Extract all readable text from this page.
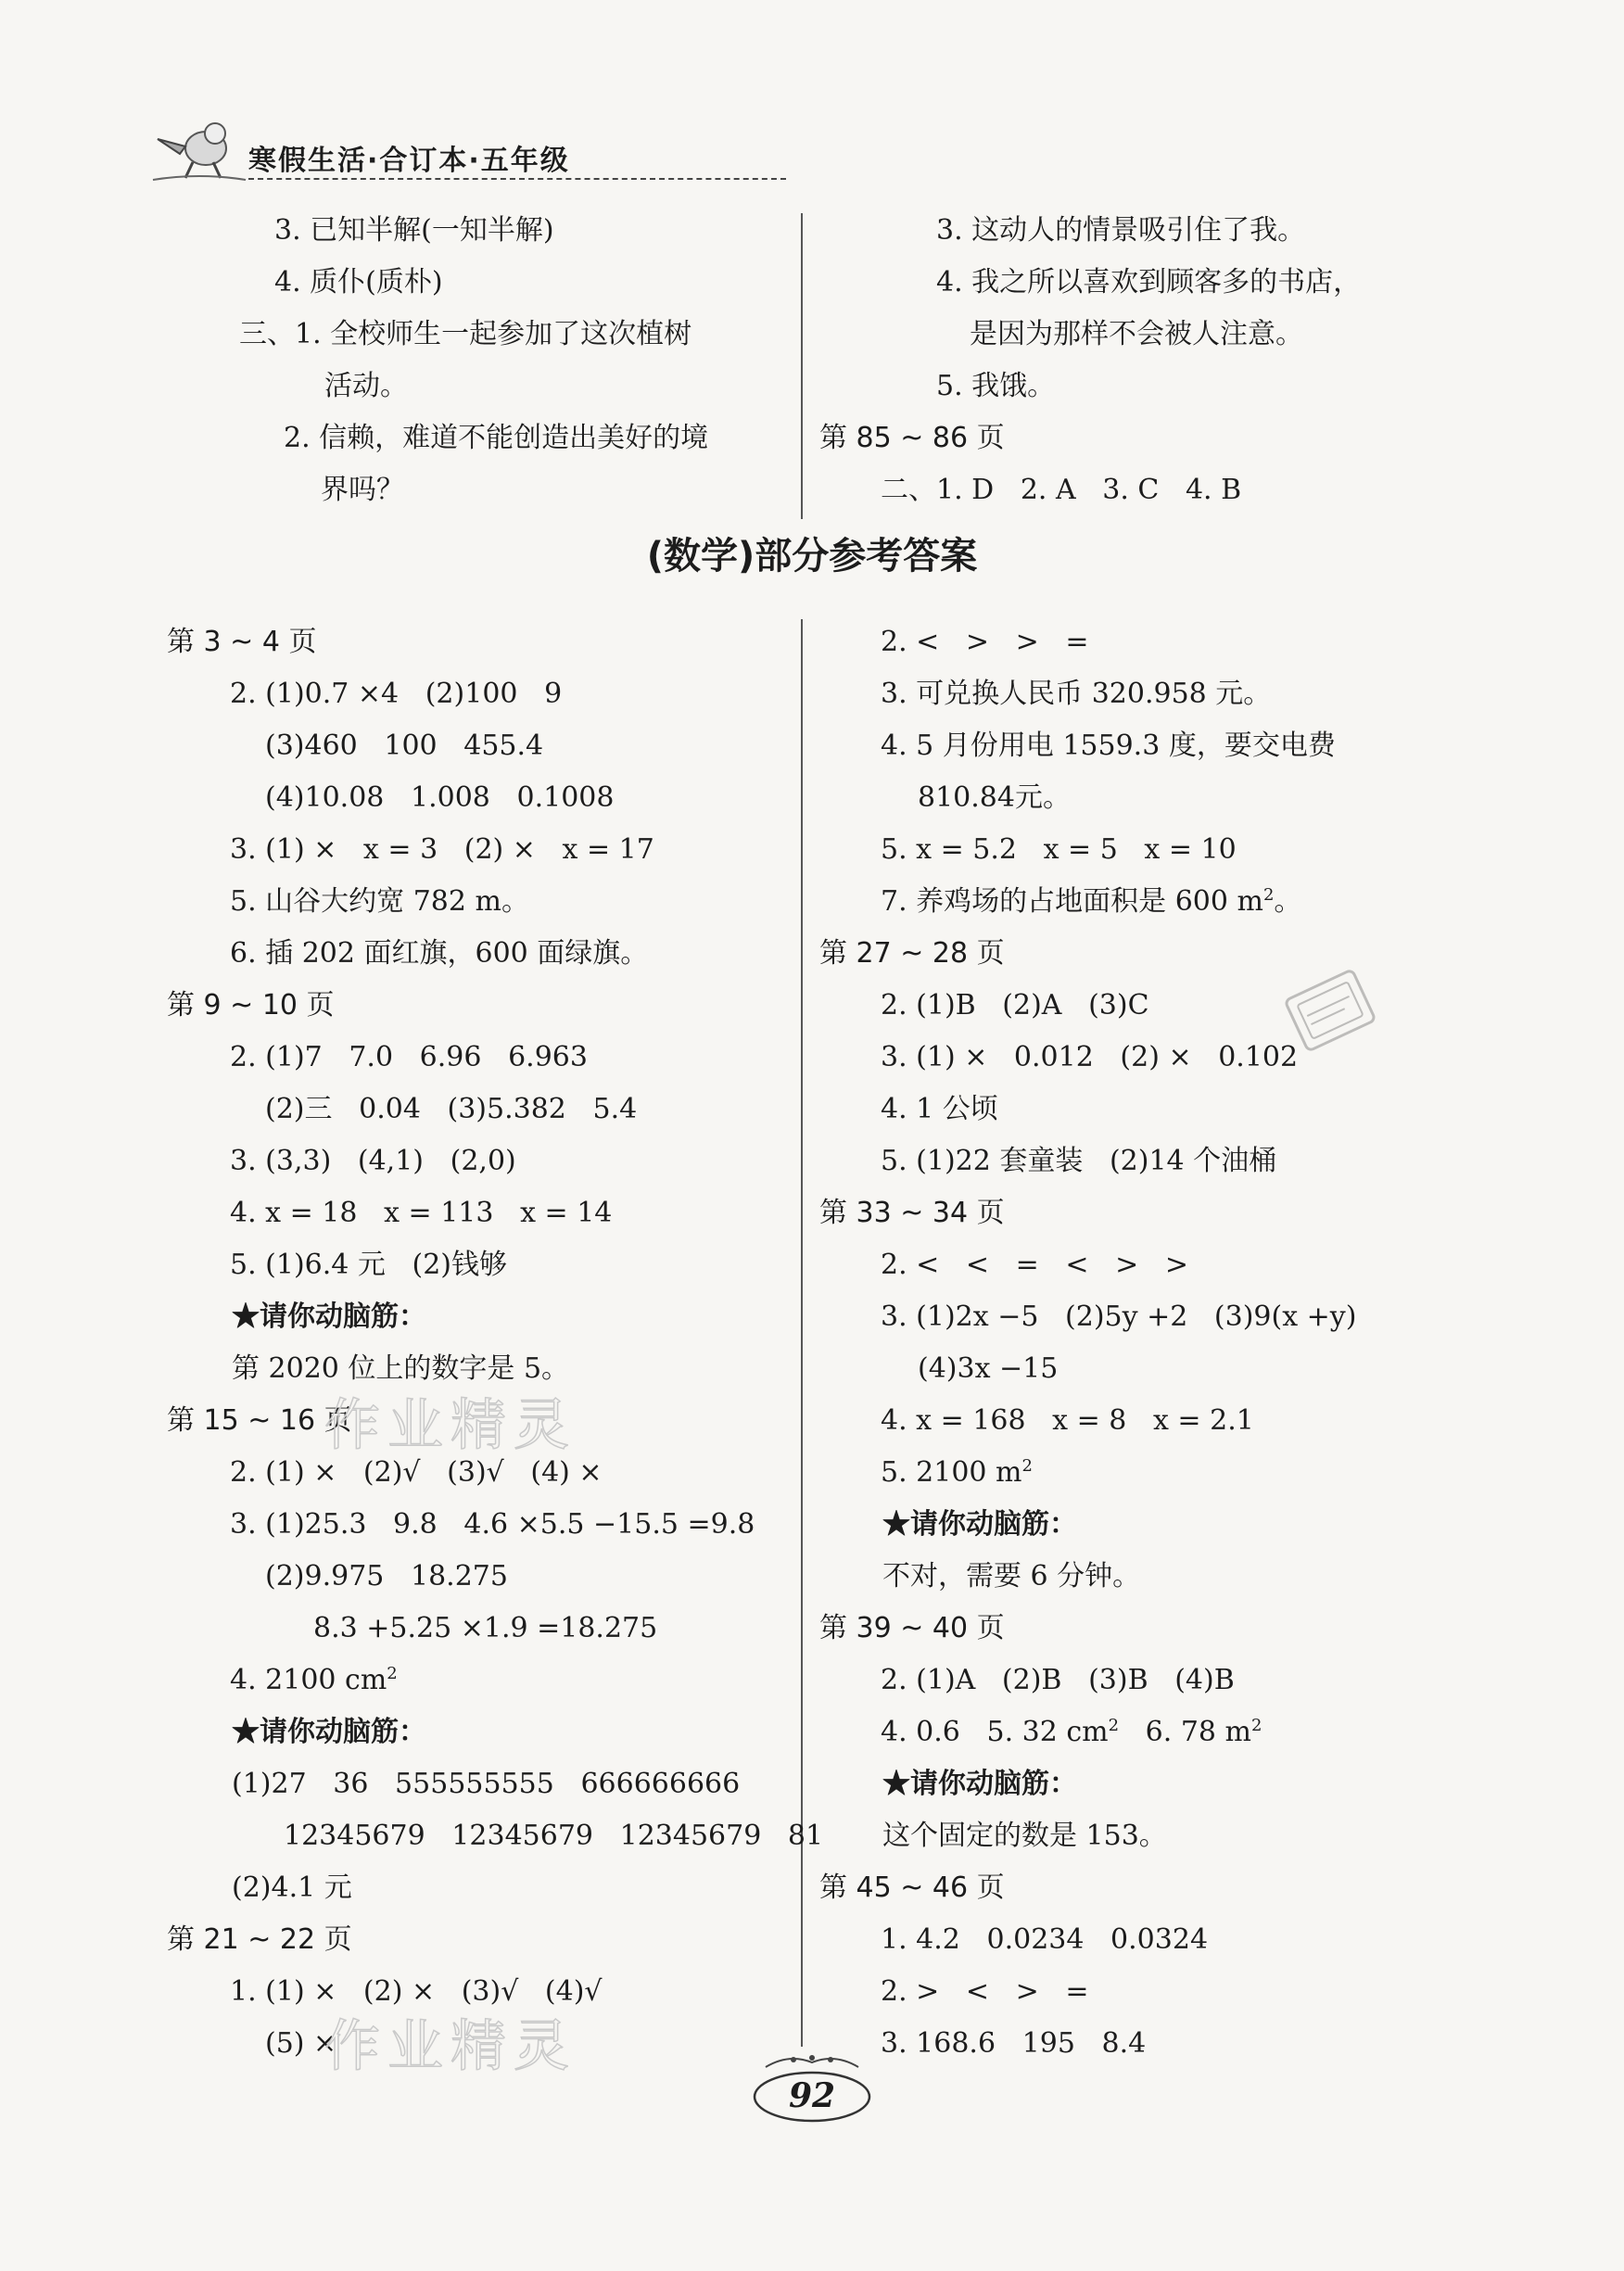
寒假生活·合订本·五年级
3. 已知半解(一知半解)
4. 质仆(质朴)
三、1. 全校师生一起参加了这次植树
活动。
2. 信赖，难道不能创造出美好的境
界吗？
3. 这动人的情景吸引住了我。
4. 我之所以喜欢到顾客多的书店，
是因为那样不会被人注意。
5. 我饿。
第 85 ~ 86 页
二、1. D   2. A   3. C   4. B
(数学)部分参考答案
第 3 ~ 4 页
2. (1)0.7 ×4   (2)100   9
(3)460   100   455.4
(4)10.08   1.008   0.1008
3. (1) ×   x = 3   (2) ×   x = 17
5. 山谷大约宽 782 m。
6. 插 202 面红旗，600 面绿旗。
第 9 ~ 10 页
2. (1)7   7.0   6.96   6.963
(2)三   0.04   (3)5.382   5.4
3. (3,3)   (4,1)   (2,0)
4. x = 18   x = 113   x = 14
5. (1)6.4 元   (2)钱够
★请你动脑筋：
第 2020 位上的数字是 5。
第 15 ~ 16 页
2. (1) ×   (2)√   (3)√   (4) ×
3. (1)25.3   9.8   4.6 ×5.5 −15.5 =9.8
(2)9.975   18.275
8.3 +5.25 ×1.9 =18.275
4. 2100 $cm^2$
★请你动脑筋：
(1)27   36   555555555   666666666
12345679   12345679   12345679   81
(2)4.1 元
第 21 ~ 22 页
1. (1) ×   (2) ×   (3)√   (4)√
(5) ×
2. <   >   >   =
3. 可兑换人民币 320.958 元。
4. 5 月份用电 1559.3 度，要交电费
810.84元。
5. x = 5.2   x = 5   x = 10
7. 养鸡场的占地面积是 600 $m^2$。
第 27 ~ 28 页
2. (1)B   (2)A   (3)C
3. (1) ×   0.012   (2) ×   0.102
4. 1 公顷
5. (1)22 套童装   (2)14 个油桶
第 33 ~ 34 页
2. <   <   =   <   >   >
3. (1)2x −5   (2)5y +2   (3)9(x +y)
(4)3x −15
4. x = 168   x = 8   x = 2.1
5. 2100 $m^2$
★请你动脑筋：
不对，需要 6 分钟。
第 39 ~ 40 页
2. (1)A   (2)B   (3)B   (4)B
4. 0.6   5. 32 $cm^2$ 6. 78 $m^2$
★请你动脑筋：
这个固定的数是 153。
第 45 ~ 46 页
1. 4.2   0.0234   0.0324
2. >   <   >   =
3. 168.6   195   8.4
作业精灵
作业精灵
92
